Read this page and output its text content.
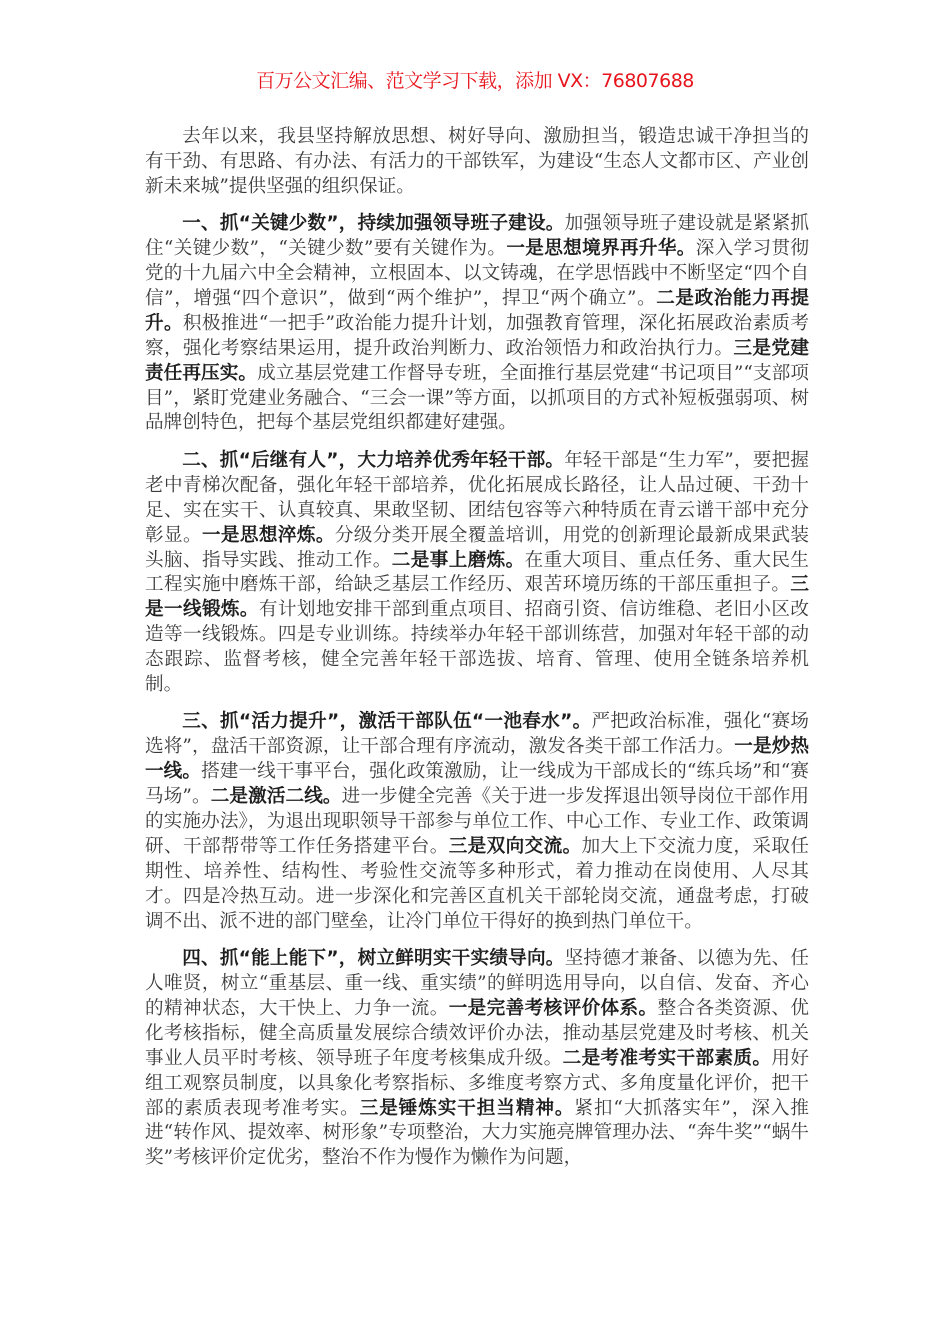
百万公文汇编、范文学习下载，添加 VX：76807688

去年以来，我县坚持解放思想、树好导向、激励担当，锻造忠诚干净担当的有干劲、有思路、有办法、有活力的干部铁军，为建设“生态人文都市区、产业创新未来城”提供坚强的组织保证。

一、抓“关键少数”，持续加强领导班子建设。加强领导班子建设就是紧紧抓住“关键少数”，“关键少数”要有关键作为。一是思想境界再升华。深入学习贯彻党的十九届六中全会精神，立根固本、以文铸魂，在学思悟践中不断坚定“四个自信”，增强“四个意识”，做到“两个维护”，捍卫“两个确立”。二是政治能力再提升。积极推进“一把手”政治能力提升计划，加强教育管理，深化拓展政治素质考察，强化考察结果运用，提升政治判断力、政治领悟力和政治执行力。三是党建责任再压实。成立基层党建工作督导专班，全面推行基层党建“书记项目”“支部项目”，紧盯党建业务融合、“三会一课”等方面，以抓项目的方式补短板强弱项、树品牌创特色，把每个基层党组织都建好建强。

二、抓“后继有人”，大力培养优秀年轻干部。年轻干部是“生力军”，要把握老中青梯次配备，强化年轻干部培养，优化拓展成长路径，让人品过硬、干劲十足、实在实干、认真较真、果敢坚韧、团结包容等六种特质在青云谱干部中充分彰显。一是思想淬炼。分级分类开展全覆盖培训，用党的创新理论最新成果武装头脑、指导实践、推动工作。二是事上磨炼。在重大项目、重点任务、重大民生工程实施中磨炼干部，给缺乏基层工作经历、艰苦环境历练的干部压重担子。三是一线锻炼。有计划地安排干部到重点项目、招商引资、信访维稳、老旧小区改造等一线锻炼。四是专业训练。持续举办年轻干部训练营，加强对年轻干部的动态跟踪、监督考核，健全完善年轻干部选拔、培育、管理、使用全链条培养机制。

三、抓“活力提升”，激活干部队伍“一池春水”。严把政治标准，强化“赛场选将”，盘活干部资源，让干部合理有序流动，激发各类干部工作活力。一是炒热一线。搭建一线干事平台，强化政策激励，让一线成为干部成长的“练兵场”和“赛马场”。二是激活二线。进一步健全完善《关于进一步发挥退出领导岗位干部作用的实施办法》，为退出现职领导干部参与单位工作、中心工作、专业工作、政策调研、干部帮带等工作任务搭建平台。三是双向交流。加大上下交流力度，采取任期性、培养性、结构性、考验性交流等多种形式，着力推动在岗使用、人尽其才。四是冷热互动。进一步深化和完善区直机关干部轮岗交流，通盘考虑，打破调不出、派不进的部门壁垒，让冷门单位干得好的换到热门单位干。

四、抓“能上能下”，树立鲜明实干实绩导向。坚持德才兼备、以德为先、任人唯贤，树立“重基层、重一线、重实绩”的鲜明选用导向，以自信、发奋、齐心的精神状态，大干快上、力争一流。一是完善考核评价体系。整合各类资源、优化考核指标，健全高质量发展综合绩效评价办法，推动基层党建及时考核、机关事业人员平时考核、领导班子年度考核集成升级。二是考准考实干部素质。用好组工观察员制度，以具象化考察指标、多维度考察方式、多角度量化评价，把干部的素质表现考准考实。三是锤炼实干担当精神。紧扣“大抓落实年”，深入推进“转作风、提效率、树形象”专项整治，大力实施亮牌管理办法、“奔牛奖”“蜗牛奖”考核评价定优劣，整治不作为慢作为懒作为问题，
